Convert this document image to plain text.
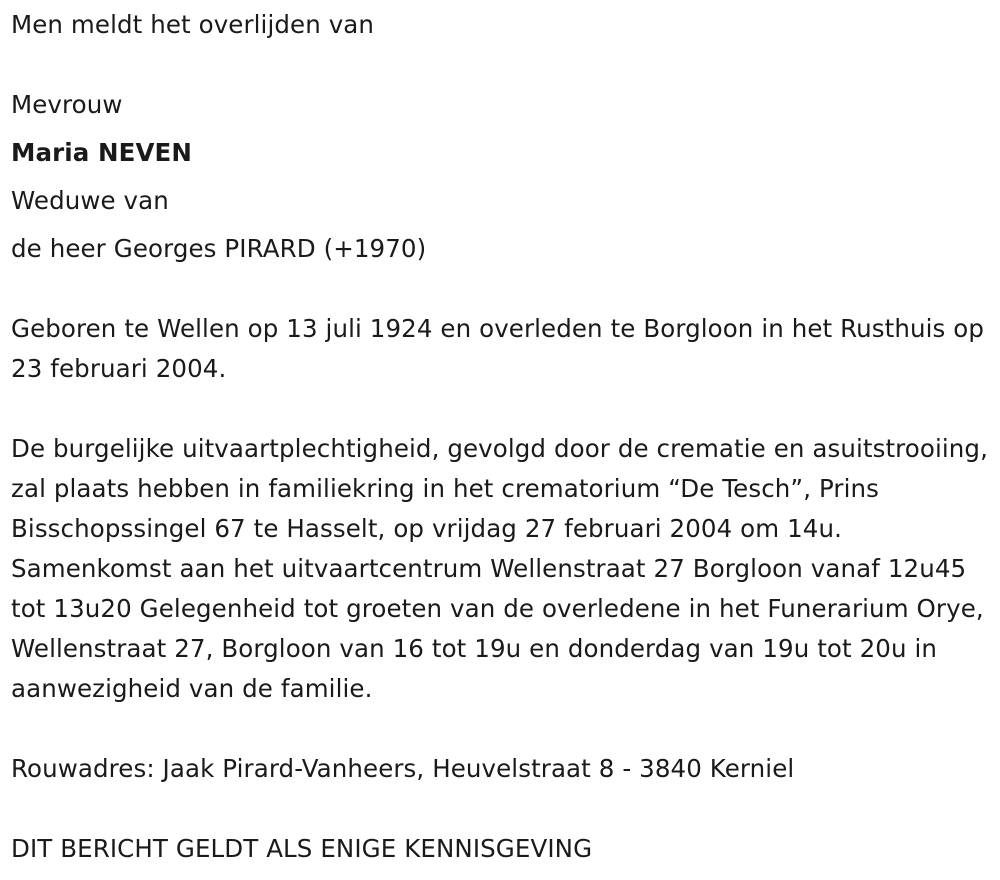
Men meldt het overlijden van
Mevrouw
Maria NEVEN
Weduwe van
de heer Georges PIRARD (+1970)

Geboren te Wellen op 13 juli 1924 en overleden te Borgloon in het Rusthuis op 23 februari 2004.

De burgelijke uitvaartplechtigheid, gevolgd door de crematie en asuitstrooiing, zal plaats hebben in familiekring in het crematorium “De Tesch”, Prins Bisschopssingel 67 te Hasselt, op vrijdag 27 februari 2004 om 14u. Samenkomst aan het uitvaartcentrum Wellenstraat 27 Borgloon vanaf 12u45 tot 13u20 Gelegenheid tot groeten van de overledene in het Funerarium Orye, Wellenstraat 27, Borgloon van 16 tot 19u en donderdag van 19u tot 20u in aanwezigheid van de familie.

Rouwadres: Jaak Pirard-Vanheers, Heuvelstraat 8 - 3840 Kerniel
DIT BERICHT GELDT ALS ENIGE KENNISGEVING
